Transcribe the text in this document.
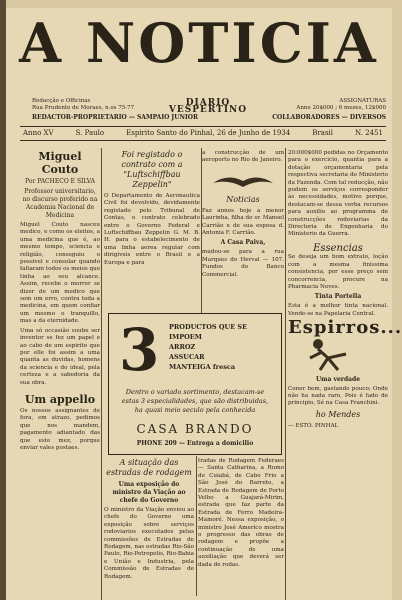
A NOTICIA
Redacção e Officinas
Rua Prudente de Moraes, n.os 75-77	DIARIO VESPERTINO
ASSIGNATURAS
Anno 20$000 ; 6 mezes, 12$000
REDACTOR-PROPRIETARIO — SAMPAIO JUNIOR	COLLABORADORES — DIVERSOS
Anno XV	S. Paulo	Espirito Santo do Pinhal, 26 de Junho de 1934	Brasil	N. 2451
Miguel Couto
Por PACHECO E SILVA
Professor universitario, no discurso proferido na Academia Nacional de Medicina

Miguel Couto nasceu medico, e como os eleitos, a uma medicina que é, ao mesmo tempo, sciencia e religião, conseguiu o possivel e consolar quando faltaram todos os meios que tinha ao seu alcance. Assim, recebe o morrer se dizer de um medico que sem um erro, contra toda a medicina, em quem confiar um mesmo o tranquillo, mas a da eternidade.

Uma só occasião soube ser inventor se fez um papel e ao cabo de um espirito que por elle foi assim a uma quanta as duvidas, homens da sciencia e do ideal, pela certeza e a sabedoria da sua obra.

Um appello

Os nossos assignantes de fora, em atrazo, pedimos que nos mandem, pagamento adiantado das que este mez, porque enviar vales postaes.

Foi registado o contrato com a "Luftschiffbau Zeppelin"

O Departamento de Aeronautica Civil foi devolvido, devidamente registado pelo Tribunal de Contas, o contrato celebrado entre o Governo Federal e Luftschiffbau Zeppelin G. M. B. H. para o estabelecimento de uma linha aerea regular com dirigiveis entre o Brasil e a Europa e para

a construcção de um aeroporto no Rio de Janeiro.

Noticias

Faz annos hoje a menor Laurinha, filha do sr. Manoel Carrião e de sua esposa d. Antonia F. Carrião.

A Casa Paiva,

mudou-se para a rua Marques do Herval — 107. Fundos do Banco Commercial.

20:000$000 pedidas no Orçamento para o exercicio, quantia para a dotação orçamentaria pela respectiva secretaria do Ministerio da Fazenda. Com tal reducção, não podem os serviços corresponder às necessidades, motivo porque, destacam-se dessa verba recursos para auxilio ao programma de construcções rodoviarias da Directoria de Engenharia do Ministerio da Guerra.

Essencias

Se deseja um bom extrato, loção com a mesma finissima consistencia, por esse preço sem concorrencia, procure na Pharmacia Neves.

Tinta Portella

Esta é a melhor tinta nacional. Vende-se na Papelaria Central.

Espirros...
Uma verdade

Coner bem, gastando pouco; Onde não ha nada raro, Pois é fado de principio, Sé na Casa Franchini.

ho Mendes

— ESTO. PINHAL

3 PRODUCTOS QUE SE IMPOEM
ARROZ
ASSUCAR
MANTEIGA fresca
Dentro o variado sortimento, destacam-se estas 3 especialidades, que são distribuidas, ha quasi meio seculo pela conhecida
CASA BRANDO
PHONE 209 — Entrega a domicilio
A situação das estradas de rodagem
Uma exposição do ministro da Viação ao chefe do Governo

O ministro da Viação enviou ao chefe do Governo uma exposição sobre serviços rodoviarios executados pelas commissões de Estradas de Rodagem, nas estradas Rio-São Paulo, Rio-Petropolis, Rio-Bahia e União e Industria, pela Commissão de Estradas de Rodagem.

tradas de Rodagem Federaes — Santa Catharina, a Rumo de Cuiabá, de Cabo Frio a São José do Barreto, a Estrada de Rodagem de Porto Velho a Guajará-Mirim, estrada que faz parte da Estrada de Ferro Madeira-Mamoré. Nessa exposição, o ministro José Americo mostra o progresso das obras de rodagem e propõe a continuação de uma auxiliação que deverá ser dada de rodas.
